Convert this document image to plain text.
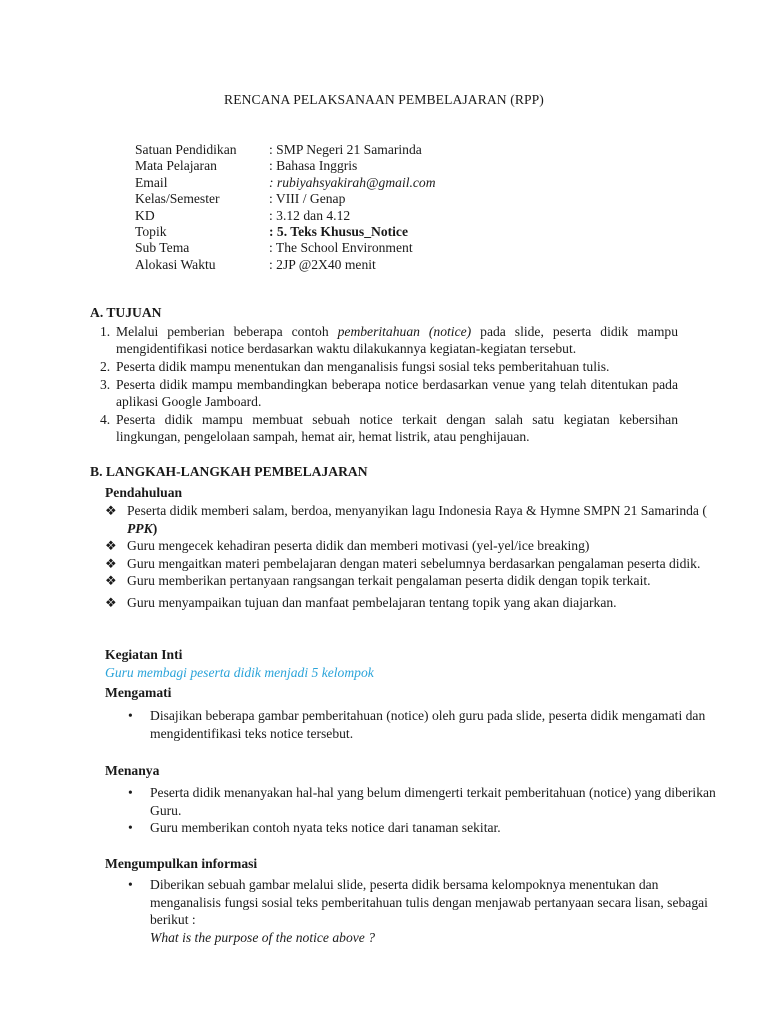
RENCANA PELAKSANAAN PEMBELAJARAN (RPP)
Satuan Pendidikan	: SMP Negeri 21 Samarinda
Mata Pelajaran	: Bahasa Inggris
Email	: rubiyahsyakirah@gmail.com
Kelas/Semester	: VIII / Genap
KD	: 3.12 dan 4.12
Topik	: 5. Teks Khusus_Notice
Sub Tema	: The School Environment
Alokasi Waktu	: 2JP @2X40 menit
A. TUJUAN
1. Melalui pemberian beberapa contoh pemberitahuan (notice) pada slide, peserta didik mampu mengidentifikasi notice berdasarkan waktu dilakukannya kegiatan-kegiatan tersebut.
2. Peserta didik mampu menentukan dan menganalisis fungsi sosial teks pemberitahuan tulis.
3. Peserta didik mampu membandingkan beberapa notice berdasarkan venue yang telah ditentukan pada aplikasi Google Jamboard.
4. Peserta didik mampu membuat sebuah notice terkait dengan salah satu kegiatan kebersihan lingkungan, pengelolaan sampah, hemat air, hemat listrik, atau penghijauan.
B. LANGKAH-LANGKAH PEMBELAJARAN
Pendahuluan
❖ Peserta didik memberi salam, berdoa, menyanyikan lagu Indonesia Raya & Hymne SMPN 21 Samarinda ( PPK)
❖ Guru mengecek kehadiran peserta didik dan memberi motivasi (yel-yel/ice breaking)
❖ Guru mengaitkan materi pembelajaran dengan materi sebelumnya berdasarkan pengalaman peserta didik.
❖ Guru memberikan pertanyaan rangsangan terkait pengalaman peserta didik dengan topik terkait.
❖ Guru menyampaikan tujuan dan manfaat pembelajaran tentang topik yang akan diajarkan.
Kegiatan Inti
Guru membagi peserta didik menjadi 5 kelompok
Mengamati
•	Disajikan beberapa gambar pemberitahuan (notice) oleh guru pada slide, peserta didik mengamati dan mengidentifikasi teks notice tersebut.
Menanya
•	Peserta didik menanyakan hal-hal yang belum dimengerti terkait pemberitahuan (notice) yang diberikan Guru.
•	Guru memberikan contoh nyata teks notice dari tanaman sekitar.
Mengumpulkan informasi
•	Diberikan sebuah gambar melalui slide, peserta didik bersama kelompoknya menentukan dan menganalisis fungsi sosial teks pemberitahuan tulis dengan menjawab pertanyaan secara lisan, sebagai berikut :
What is the purpose of the notice above ?
